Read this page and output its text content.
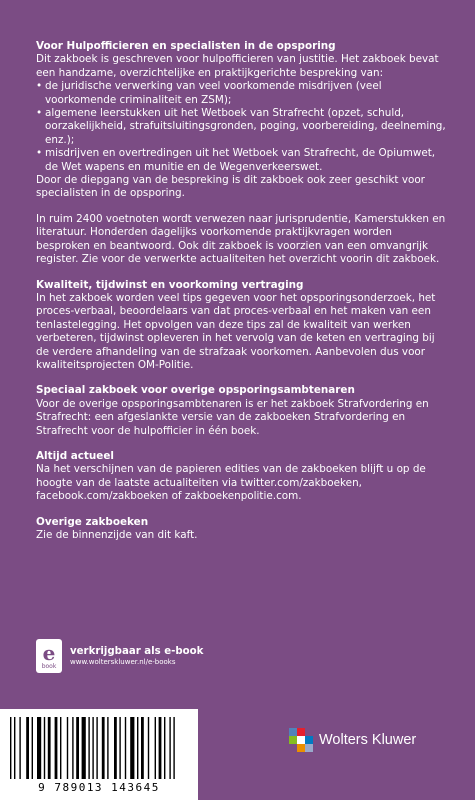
Voor Hulpofficieren en specialisten in de opsporing

Dit zakboek is geschreven voor hulpofficieren van justitie. Het zakboek bevat een handzame, overzichtelijke en praktijkgerichte bespreking van:

• de juridische verwerking van veel voorkomende misdrijven (veel voorkomende criminaliteit en ZSM);
• algemene leerstukken uit het Wetboek van Strafrecht (opzet, schuld, oorzakelijkheid, strafuitsluitingsgronden, poging, voorbereiding, deelneming, enz.);
• misdrijven en overtredingen uit het Wetboek van Strafrecht, de Opiumwet, de Wet wapens en munitie en de Wegenverkeerswet.

Door de diepgang van de bespreking is dit zakboek ook zeer geschikt voor specialisten in de opsporing.

In ruim 2400 voetnoten wordt verwezen naar jurisprudentie, Kamerstukken en literatuur. Honderden dagelijks voorkomende praktijkvragen worden besproken en beantwoord. Ook dit zakboek is voorzien van een omvangrijk register. Zie voor de verwerkte actualiteiten het overzicht voorin dit zakboek.

Kwaliteit, tijdwinst en voorkoming vertraging

In het zakboek worden veel tips gegeven voor het opsporingsonderzoek, het proces-verbaal, beoordelaars van dat proces-verbaal en het maken van een tenlastelegging. Het opvolgen van deze tips zal de kwaliteit van werken verbeteren, tijdwinst opleveren in het vervolg van de keten en vertraging bij de verdere afhandeling van de strafzaak voorkomen. Aanbevolen dus voor kwaliteitsprojecten OM-Politie.

Speciaal zakboek voor overige opsporingsambtenaren

Voor de overige opsporingsambtenaren is er het zakboek Strafvordering en Strafrecht: een afgeslankte versie van de zakboeken Strafvordering en Strafrecht voor de hulpofficier in één boek.

Altijd actueel

Na het verschijnen van de papieren edities van de zakboeken blijft u op de hoogte van de laatste actualiteiten via twitter.com/zakboeken, facebook.com/zakboeken of zakboekenpolitie.com.

Overige zakboeken

Zie de binnenzijde van dit kaft.

e
book
verkrijgbaar als e-book
www.wolterskluwer.nl/e-books
9 789013 143645
Wolters Kluwer
